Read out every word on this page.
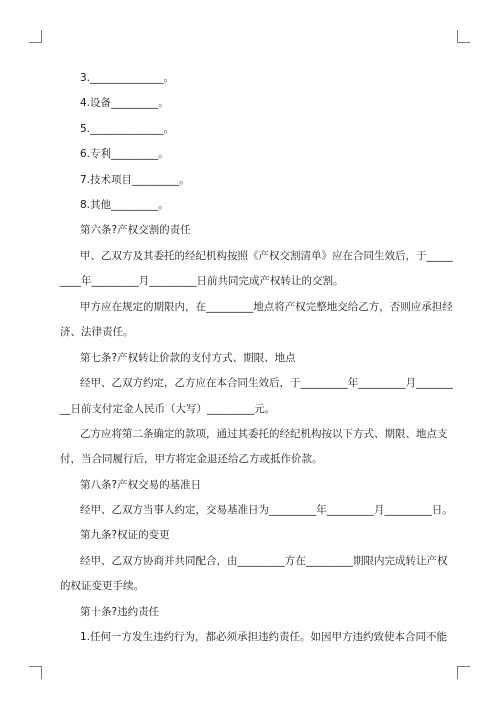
3.______________。
4.设备_________。
5.______________。
6.专利_________。
7.技术项目_________。
8.其他_________。
第六条?产权交割的责任
甲、乙双方及其委托的经纪机构按照《产权交割清单》应在合同生效后，于_____
____年_________月_________日前共同完成产权转让的交割。
甲方应在规定的期限内，在_________地点将产权完整地交给乙方，否则应承担经
济、法律责任。
第七条?产权转让价款的支付方式、期限、地点
经甲、乙双方约定，乙方应在本合同生效后，于_________年_________月_______
__日前支付定金人民币（大写）_________元。
乙方应将第二条确定的款项，通过其委托的经纪机构按以下方式、期限、地点支
付，当合同履行后，甲方将定金退还给乙方或抵作价款。
第八条?产权交易的基准日
经甲、乙双方当事人约定，交易基准日为_________年_________月_________日。
第九条?权证的变更
经甲、乙双方协商并共同配合，由_________方在_________期限内完成转让产权
的权证变更手续。
第十条?违约责任
1.任何一方发生违约行为，都必须承担违约责任。如因甲方违约致使本合同不能
